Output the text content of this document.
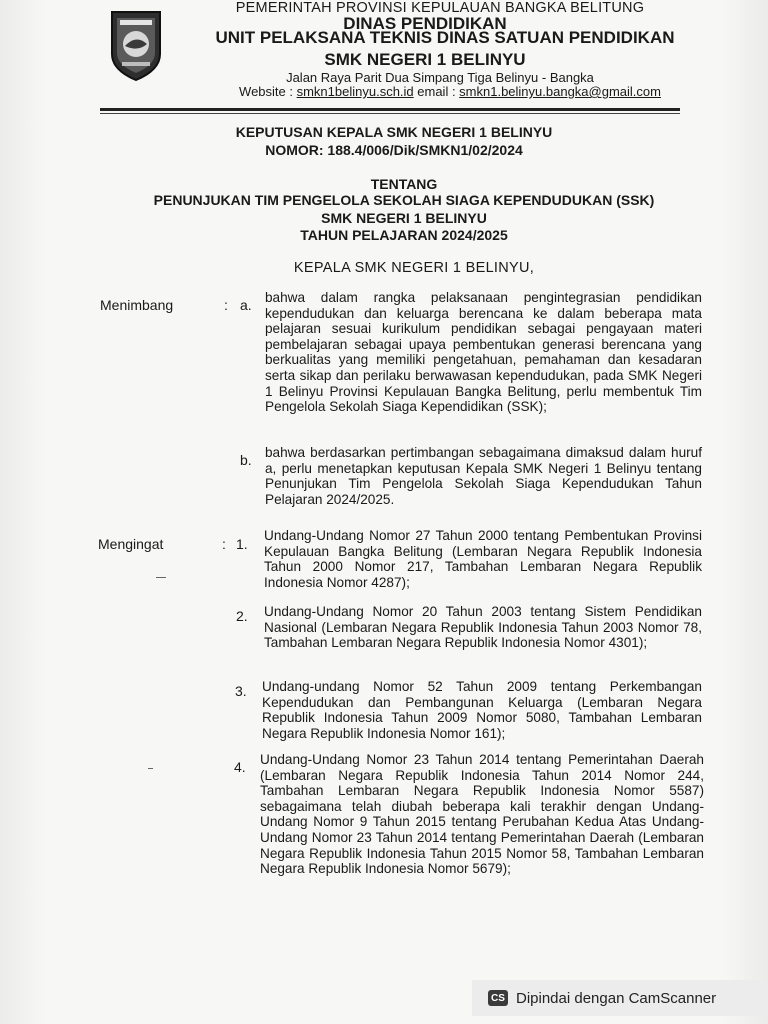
PEMERINTAH PROVINSI KEPULAUAN BANGKA BELITUNG
DINAS PENDIDIKAN
UNIT PELAKSANA TEKNIS DINAS SATUAN PENDIDIKAN
SMK NEGERI 1 BELINYU
Jalan Raya Parit Dua Simpang Tiga Belinyu - Bangka
Website : smkn1belinyu.sch.id email : smkn1.belinyu.bangka@gmail.com
KEPUTUSAN KEPALA SMK NEGERI 1 BELINYU
NOMOR: 188.4/006/Dik/SMKN1/02/2024
TENTANG
PENUNJUKAN TIM PENGELOLA SEKOLAH SIAGA KEPENDUDUKAN (SSK)
SMK NEGERI 1 BELINYU
TAHUN PELAJARAN 2024/2025
KEPALA SMK NEGERI 1 BELINYU,
Menimbang	: a. bahwa dalam rangka pelaksanaan pengintegrasian pendidikan kependudukan dan keluarga berencana ke dalam beberapa mata pelajaran sesuai kurikulum pendidikan sebagai pengayaan materi pembelajaran sebagai upaya pembentukan generasi berencana yang berkualitas yang memiliki pengetahuan, pemahaman dan kesadaran serta sikap dan perilaku berwawasan kependudukan, pada SMK Negeri 1 Belinyu Provinsi Kepulauan Bangka Belitung, perlu membentuk Tim Pengelola Sekolah Siaga Kependidikan (SSK);
b. bahwa berdasarkan pertimbangan sebagaimana dimaksud dalam huruf a, perlu menetapkan keputusan Kepala SMK Negeri 1 Belinyu tentang Penunjukan Tim Pengelola Sekolah Siaga Kependudukan Tahun Pelajaran 2024/2025.
Mengingat	: 1.
Undang-Undang Nomor 27 Tahun 2000 tentang Pembentukan Provinsi Kepulauan Bangka Belitung (Lembaran Negara Republik Indonesia Tahun 2000 Nomor 217, Tambahan Lembaran Negara Republik Indonesia Nomor 4287);
2. Undang-Undang Nomor 20 Tahun 2003 tentang Sistem Pendidikan Nasional (Lembaran Negara Republik Indonesia Tahun 2003 Nomor 78, Tambahan Lembaran Negara Republik Indonesia Nomor 4301);
3. Undang-undang Nomor 52 Tahun 2009 tentang Perkembangan Kependudukan dan Pembangunan Keluarga (Lembaran Negara Republik Indonesia Tahun 2009 Nomor 5080, Tambahan Lembaran Negara Republik Indonesia Nomor 161);
4. Undang-Undang Nomor 23 Tahun 2014 tentang Pemerintahan Daerah (Lembaran Negara Republik Indonesia Tahun 2014 Nomor 244, Tambahan Lembaran Negara Republik Indonesia Nomor 5587) sebagaimana telah diubah beberapa kali terakhir dengan Undang-Undang Nomor 9 Tahun 2015 tentang Perubahan Kedua Atas Undang-Undang Nomor 23 Tahun 2014 tentang Pemerintahan Daerah (Lembaran Negara Republik Indonesia Tahun 2015 Nomor 58, Tambahan Lembaran Negara Republik Indonesia Nomor 5679);
CS Dipindai dengan CamScanner
